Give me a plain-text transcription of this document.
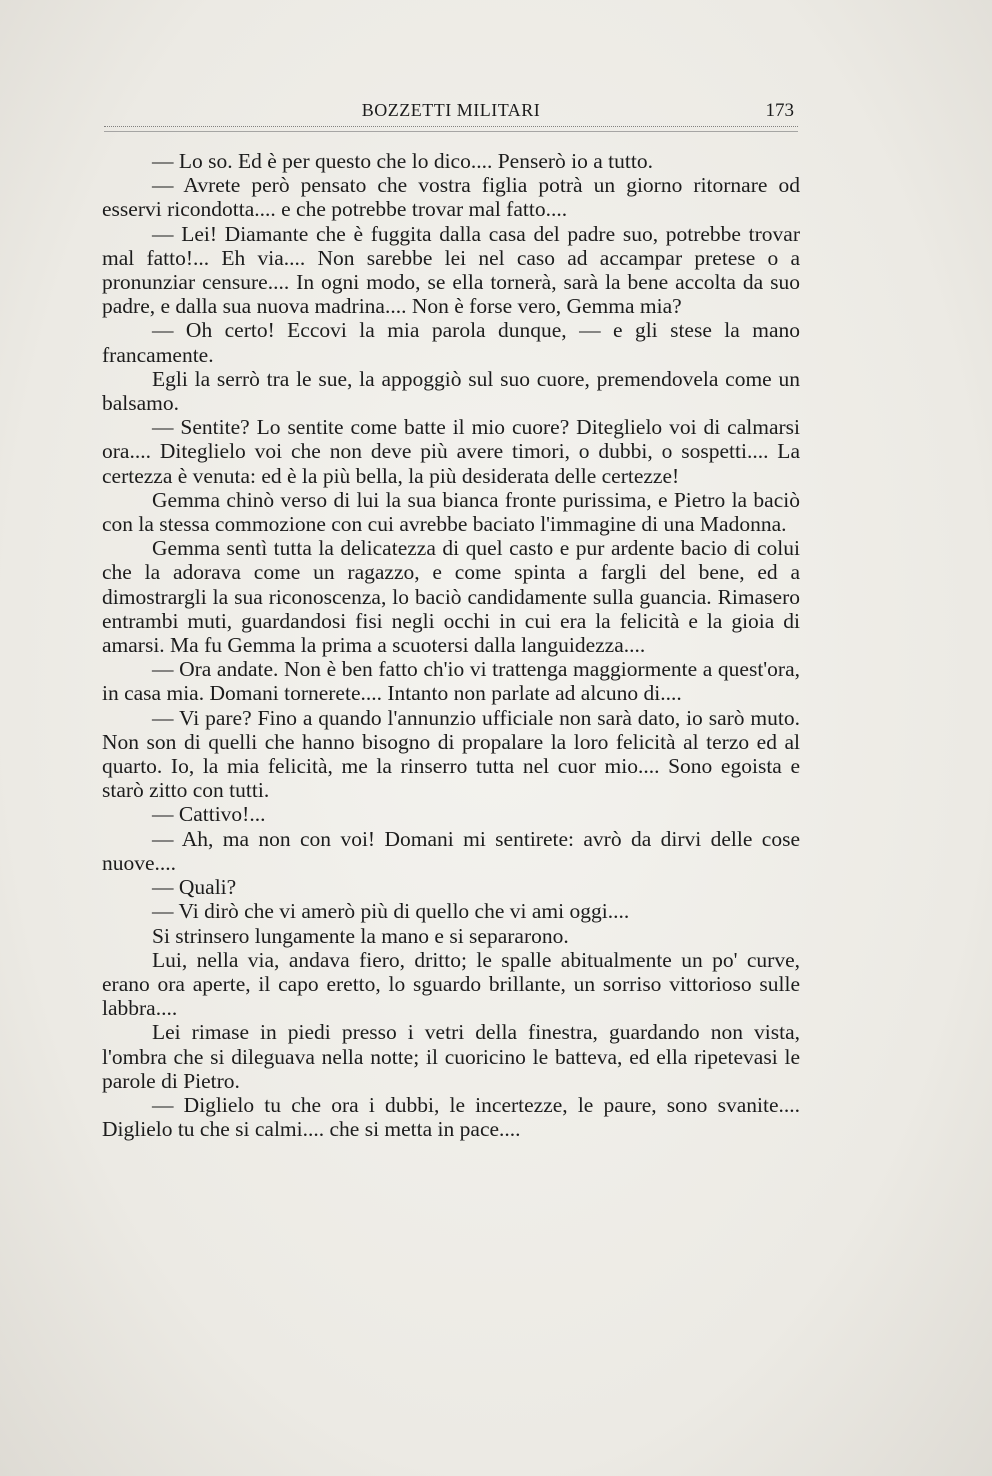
BOZZETTI MILITARI	173

— Lo so. Ed è per questo che lo dico.... Penserò io a tutto.

— Avrete però pensato che vostra figlia potrà un giorno ritornare od esservi ricondotta.... e che potrebbe trovar mal fatto....

— Lei! Diamante che è fuggita dalla casa del padre suo, potrebbe trovar mal fatto!... Eh via.... Non sarebbe lei nel caso ad accampar pretese o a pronunziar censure.... In ogni modo, se ella tornerà, sarà la bene accolta da suo padre, e dalla sua nuova madrina.... Non è forse vero, Gemma mia?

— Oh certo! Eccovi la mia parola dunque, — e gli stese la mano francamente.

Egli la serrò tra le sue, la appoggiò sul suo cuore, premendovela come un balsamo.

— Sentite? Lo sentite come batte il mio cuore? Diteglielo voi di calmarsi ora.... Diteglielo voi che non deve più avere timori, o dubbi, o sospetti.... La certezza è venuta: ed è la più bella, la più desiderata delle certezze!

Gemma chinò verso di lui la sua bianca fronte purissima, e Pietro la baciò con la stessa commozione con cui avrebbe baciato l'immagine di una Madonna.

Gemma sentì tutta la delicatezza di quel casto e pur ardente bacio di colui che la adorava come un ragazzo, e come spinta a fargli del bene, ed a dimostrargli la sua riconoscenza, lo baciò candidamente sulla guancia. Rimasero entrambi muti, guardandosi fisi negli occhi in cui era la felicità e la gioia di amarsi. Ma fu Gemma la prima a scuotersi dalla languidezza....

— Ora andate. Non è ben fatto ch'io vi trattenga maggiormente a quest'ora, in casa mia. Domani tornerete.... Intanto non parlate ad alcuno di....

— Vi pare? Fino a quando l'annunzio ufficiale non sarà dato, io sarò muto. Non son di quelli che hanno bisogno di propalare la loro felicità al terzo ed al quarto. Io, la mia felicità, me la rinserro tutta nel cuor mio.... Sono egoista e starò zitto con tutti.

— Cattivo!...

— Ah, ma non con voi! Domani mi sentirete: avrò da dirvi delle cose nuove....

— Quali?

— Vi dirò che vi amerò più di quello che vi ami oggi....

Si strinsero lungamente la mano e si separarono.

Lui, nella via, andava fiero, dritto; le spalle abitualmente un po' curve, erano ora aperte, il capo eretto, lo sguardo brillante, un sorriso vittorioso sulle labbra....

Lei rimase in piedi presso i vetri della finestra, guardando non vista, l'ombra che si dileguava nella notte; il cuoricino le batteva, ed ella ripetevasi le parole di Pietro.

— Diglielo tu che ora i dubbi, le incertezze, le paure, sono svanite.... Diglielo tu che si calmi.... che si metta in pace....
